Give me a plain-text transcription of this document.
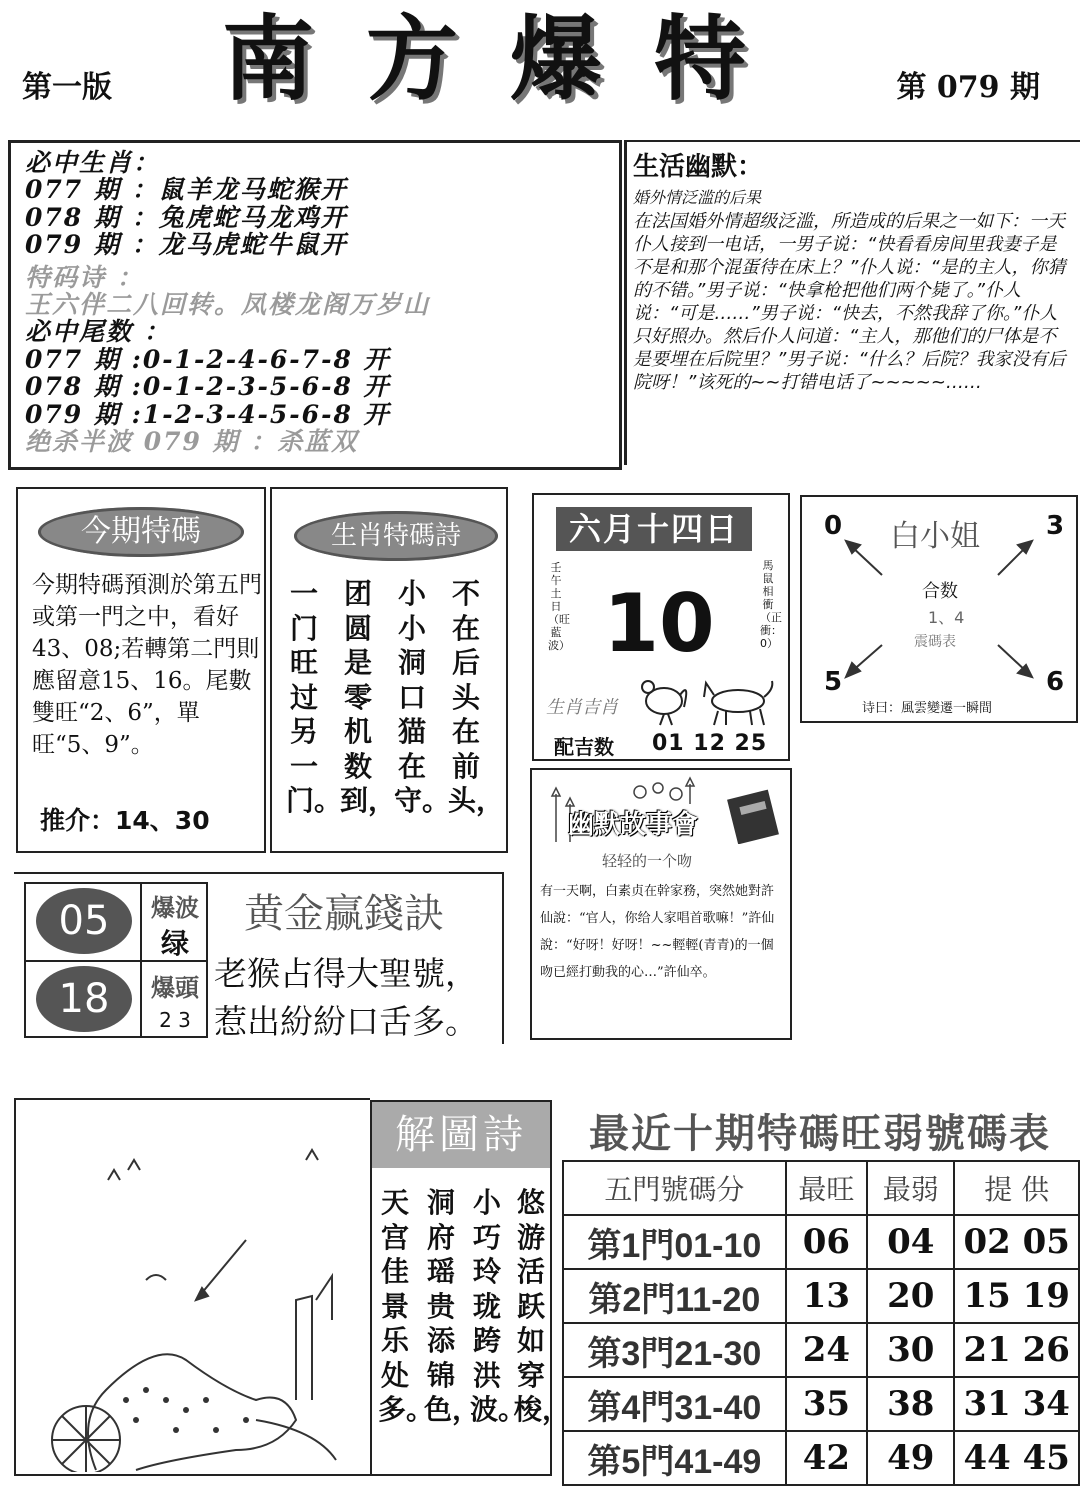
第一版 南方爆特	第 079 期
必中生肖：
077 期 ：鼠羊龙马蛇猴开
078 期 ：兔虎蛇马龙鸡开
079 期 ：龙马虎蛇牛鼠开
特码诗 ：
王六伴二八回转。凤楼龙阁万岁山
必中尾数 ：
077 期 :0-1-2-4-6-7-8 开
078 期 :0-1-2-3-5-6-8 开
079 期 :1-2-3-4-5-6-8 开
绝杀半波 079 期 ：杀蓝双
生活幽默：
婚外情泛滥的后果
在法国婚外情超级泛滥，所造成的后果之一如下：一天仆人接到一电话，一男子说：“快看看房间里我妻子是不是和那个混蛋待在床上？”仆人说：“是的主人，你猜的不错。”男子说：“快拿枪把他们两个毙了。”仆人说：“可是……”男子说：“快去，不然我辞了你。”仆人只好照办。然后仆人问道：“主人，那他们的尸体是不是要埋在后院里？”男子说：“什么？后院？我家没有后院呀！”该死的~~打错电话了~~~~~……
今期特碼
今期特碼預測於第五門或第一門之中，看好43、08;若轉第二門則應留意15、16。尾數雙旺“2、6”，單旺“5、9”。
推介：14、30
生肖特碼詩
不在后头在前头，
小小洞口猫在守。
团圆是零机数到，
一门旺过另一门。
六月十四日
壬午土日（旺藍波） 10
馬鼠相衝（正衝：0）
生肖吉肖
配吉数 01 12 25
0	3
5	6
白小姐
合数
1、4
震碼表
诗曰：風雲變遷一瞬間
幽默故事會
轻轻的一个吻
有一天啊，白素贞在幹家務，突然她對許仙說：“官人，你给人家唱首歌嘛！”許仙說：“好呀！好呀！~~輕輕(青青)的一個吻已經打動我的心…”許仙卒。
05	爆波
绿
18	爆頭
2 3
黄金赢錢訣
老猴占得大聖號，
惹出紛紛口舌多。
解圖詩
悠游活跃如穿梭，
小巧玲珑跨洪波。
洞府瑶贵添锦色，
天宫佳景乐处多。
最近十期特碼旺弱號碼表
五門號碼分	最旺	最弱	提 供
第1門01-10	06	04	02 05
第2門11-20	13	20	15 19
第3門21-30	24	30	21 26
第4門31-40	35	38	31 34
第5門41-49	42	49	44 45
